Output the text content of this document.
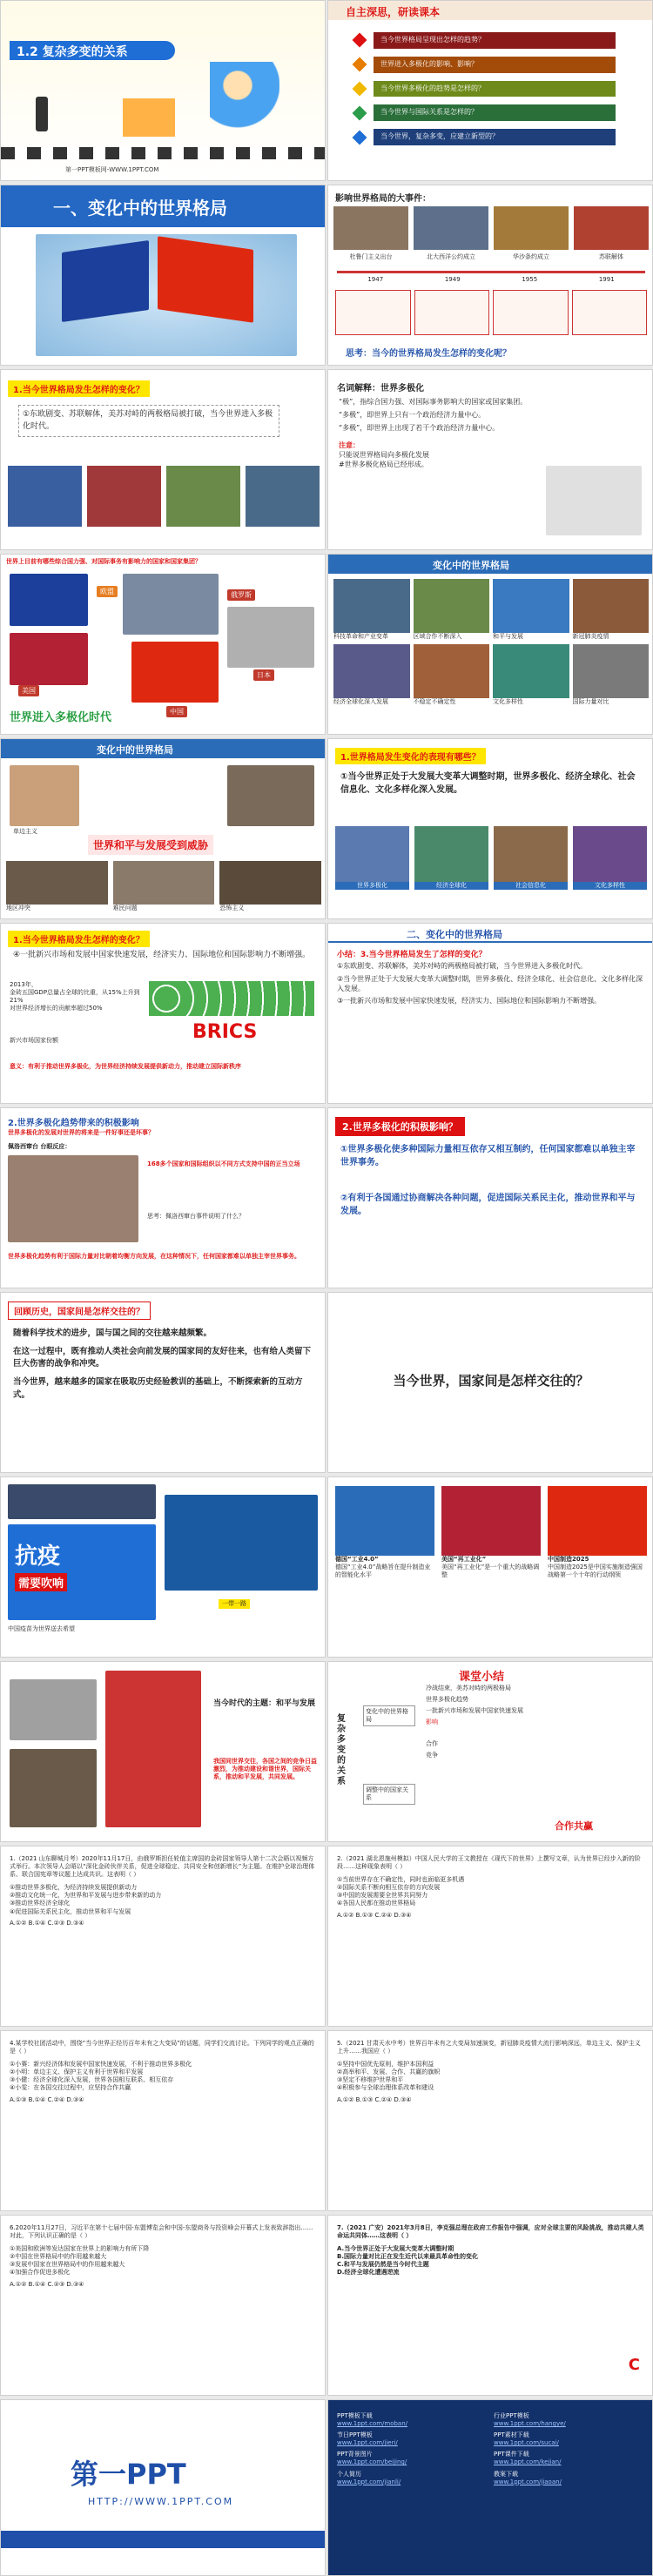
1.2 复杂多变的关系
第一PPT模板网-WWW.1PPT.COM
自主深思，研读课本
当今世界格局呈现出怎样的趋势？
世界进入多极化的影响、影响？
当今世界多极化的趋势是怎样的？
当今世界与国际关系是怎样的？
当今世界，复杂多变，应建立新型的？
一、变化中的世界格局	影响世界格局的大事件：
杜鲁门主义出台	北大西洋公约成立	华沙条约成立	苏联解体
1947	1949	1955	1991
思考：当今的世界格局发生怎样的变化呢？
1.当今世界格局发生怎样的变化？
①东欧剧变、苏联解体，美苏对峙的两极格局被打破，当今世界进入多极化时代。
名词解释：世界多极化
“极”，指综合国力强、对国际事务影响大的国家或国家集团。
“多极”，即世界上只有一个政治经济力量中心。
“多极”，即世界上出现了若干个政治经济力量中心。
注意：
只能说世界格局向多极化发展
#世界多极化格局已经形成。
世界上目前有哪些综合国力强、对国际事务有影响力的国家和国家集团？
欧盟
美国
俄罗斯
日本
中国
世界进入多极化时代
变化中的世界格局
科技革命和产业变革	区域合作不断深入	和平与发展	新冠肺炎疫情
经济全球化深入发展	不稳定不确定性	文化多样性	国际力量对比
变化中的世界格局
单边主义
世界和平与发展受到威胁
地区冲突	难民问题	恐怖主义
1.世界格局发生变化的表现有哪些？
①当今世界正处于大发展大变革大调整时期，世界多极化、经济全球化、社会信息化、文化多样化深入发展。
世界多极化	经济全球化	社会信息化	文化多样性
1.当今世界格局发生怎样的变化？
④一批新兴市场和发展中国家快速发展，经济实力、国际地位和国际影响力不断增强。
2013年，
金砖五国GDP总量占全球的比重，从15%上升到21%
对世界经济增长的贡献率超过50%
BRICS
新兴市场国家份额
意义：有利于推动世界多极化，为世界经济持续发展提供新动力，推动建立国际新秩序
二、变化中的世界格局
小结：3.当今世界格局发生了怎样的变化？
①东欧剧变、苏联解体，美苏对峙的两极格局被打破，当今世界进入多极化时代。
②当今世界正处于大发展大变革大调整时期，世界多极化、经济全球化、社会信息化、文化多样化深入发展。
③一批新兴市场和发展中国家快速发展，经济实力、国际地位和国际影响力不断增强。
2.世界多极化趋势带来的积极影响
世界多极化的发展对世界的将来是一件好事还是坏事？
佩洛西窜台 台眼反应：
168多个国家和国际组织以不同方式支持中国的正当立场
思考：佩洛西窜台事件说明了什么？
世界多极化趋势有利于国际力量对比朝着均衡方向发展，在这种情况下，任何国家都难以单独主宰世界事务。
2.世界多极化的积极影响？
①世界多极化使多种国际力量相互依存又相互制约，任何国家都难以单独主宰世界事务。
②有利于各国通过协商解决各种问题，促进国际关系民主化，推动世界和平与发展。
回顾历史，国家间是怎样交往的？
随着科学技术的进步，国与国之间的交往越来越频繁。
在这一过程中，既有推动人类社会向前发展的国家间的友好往来，也有给人类留下巨大伤害的战争和冲突。
当今世界，越来越多的国家在吸取历史经验教训的基础上，不断探索新的互动方式。
当今世界，国家间是怎样交往的？
抗疫
需要吹响
中国疫苗为世界送去希望
一带一路
德国“工业4.0”
德国“工业4.0”战略旨在提升制造业的智能化水平
美国“再工业化”
美国“再工业化”是一个重大的战略调整
中国制造2025
中国制造2025是中国实施制造强国战略第一个十年的行动纲领
当今时代的主题：和平与发展
我国同世界交往，各国之间的竞争日益激烈，为推动建设和谐世界，国际关系，推动和平发展，共同发展。
课堂小结
复杂多变的关系
变化中的世界格局
调整中的国家关系
冷战结束，美苏对峙的两极格局
世界多极化趋势
一批新兴市场和发展中国家快速发展
影响
合作
竞争
合作共赢
1.（2021 山东聊城月考）2020年11月17日，由俄罗斯担任轮值主席国的金砖国家领导人第十二次会晤以视频方式举行。本次领导人会晤以“深化金砖伙伴关系，促进全球稳定、共同安全和创新增长”为主题。在维护全球治理体系、联合国宪章等议题上达成共识。这表明（ ）
①推动世界多极化，为经济持续发展提供新动力
②推动文化统一化，为世界和平发展与进步带来新的动力
③推动世界经济全球化
④促进国际关系民主化，推动世界和平与发展
A.①② B.①④ C.②③ D.③④
2.（2021 湖北恩施州模拟）中国人民大学的王文教授在《现代下的世界》上撰写文章，认为世界已经步入新的阶段……这种现象表明（ ）
①当前世界存在不确定性，同时也面临更多机遇
②国际关系不断向相互依存的方向发展
③中国的发展需要全世界共同努力
④各国人民都在推动世界格局
A.①② B.①③ C.②④ D.③④
4.某学校社团活动中，围绕“当今世界正经历百年未有之大变局”的话题，同学们交流讨论。下列同学的观点正确的是（ ）
①小赛：新兴经济体和发展中国家快速发展，不利于推动世界多极化
②小明：单边主义、保护主义有利于世界和平发展
③小健：经济全球化深入发展，世界各国相互联系、相互依存
④小雯：在各国交往过程中，应坚持合作共赢
A.①③ B.①④ C.②④ D.③④
5.（2021 甘肃天水中考）世界百年未有之大变局加速演变，新冠肺炎疫情大流行影响深远，单边主义、保护主义上升……我国应（ ）
①坚持中国优先原则，维护本国利益
②高举和平、发展、合作、共赢的旗帜
③坚定不移维护世界和平
④积极参与全球治理体系改革和建设
A.①② B.①③ C.②④ D.③④
6.2020年11月27日，习近平在第十七届中国-东盟博览会和中国-东盟商务与投资峰会开幕式上发表致辞指出……对此，下列认识正确的是（ ）
①美国和欧洲等发达国家在世界上的影响力有所下降
②中国在世界格局中的作用越来越大
③发展中国家在世界格局中的作用越来越大
④加强合作促进多极化
A.①② B.①④ C.②③ D.③④
7.（2021 广安）2021年3月8日，李克强总理在政府工作报告中强调，应对全球主要的风险挑战，推动共建人类命运共同体……这表明（ ）
A.当今世界正处于大发展大变革大调整时期
B.国际力量对比正在发生近代以来最具革命性的变化
C.和平与发展仍然是当今时代主题
D.经济全球化遭遇逆流
C
第一PPT
HTTP://WWW.1PPT.COM
PPT模板下载
www.1ppt.com/moban/
节日PPT模板
www.1ppt.com/jieri/
PPT背景图片
www.1ppt.com/beijing/
个人简历
www.1ppt.com/jianli/
行业PPT模板
www.1ppt.com/hangye/
PPT素材下载
www.1ppt.com/sucai/
PPT课件下载
www.1ppt.com/kejian/
教案下载
www.1ppt.com/jiaoan/
